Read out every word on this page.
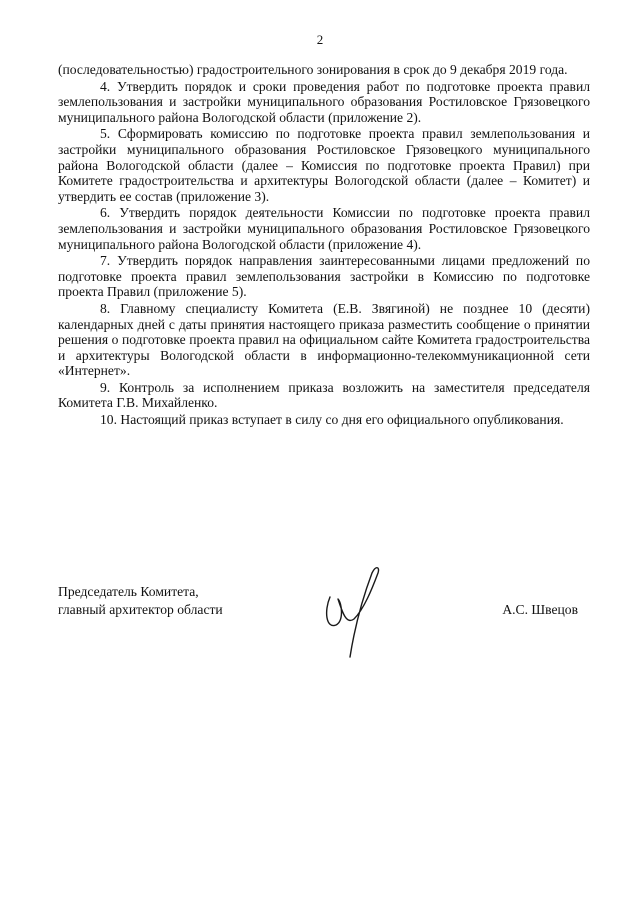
2

(последовательностью) градостроительного зонирования в срок до 9 декабря 2019 года.

4. Утвердить порядок и сроки проведения работ по подготовке проекта правил землепользования и застройки муниципального образования Ростиловское Грязовецкого муниципального района Вологодской области (приложение 2).

5. Сформировать комиссию по подготовке проекта правил землепользования и застройки муниципального образования Ростиловское Грязовецкого муниципального района Вологодской области (далее – Комиссия по подготовке проекта Правил) при Комитете градостроительства и архитектуры Вологодской области (далее – Комитет) и утвердить ее состав (приложение 3).

6. Утвердить порядок деятельности Комиссии по подготовке проекта правил землепользования и застройки муниципального образования Ростиловское Грязовецкого муниципального района Вологодской области (приложение 4).

7. Утвердить порядок направления заинтересованными лицами предложений по подготовке проекта правил землепользования застройки в Комиссию по подготовке проекта Правил (приложение 5).

8. Главному специалисту Комитета (Е.В. Звягиной) не позднее 10 (десяти) календарных дней с даты принятия настоящего приказа разместить сообщение о принятии решения о подготовке проекта правил на официальном сайте Комитета градостроительства и архитектуры Вологодской области в информационно-телекоммуникационной сети «Интернет».

9. Контроль за исполнением приказа возложить на заместителя председателя Комитета Г.В. Михайленко.

10. Настоящий приказ вступает в силу со дня его официального опубликования.

Председатель Комитета,
главный архитектор области	А.С. Швецов
